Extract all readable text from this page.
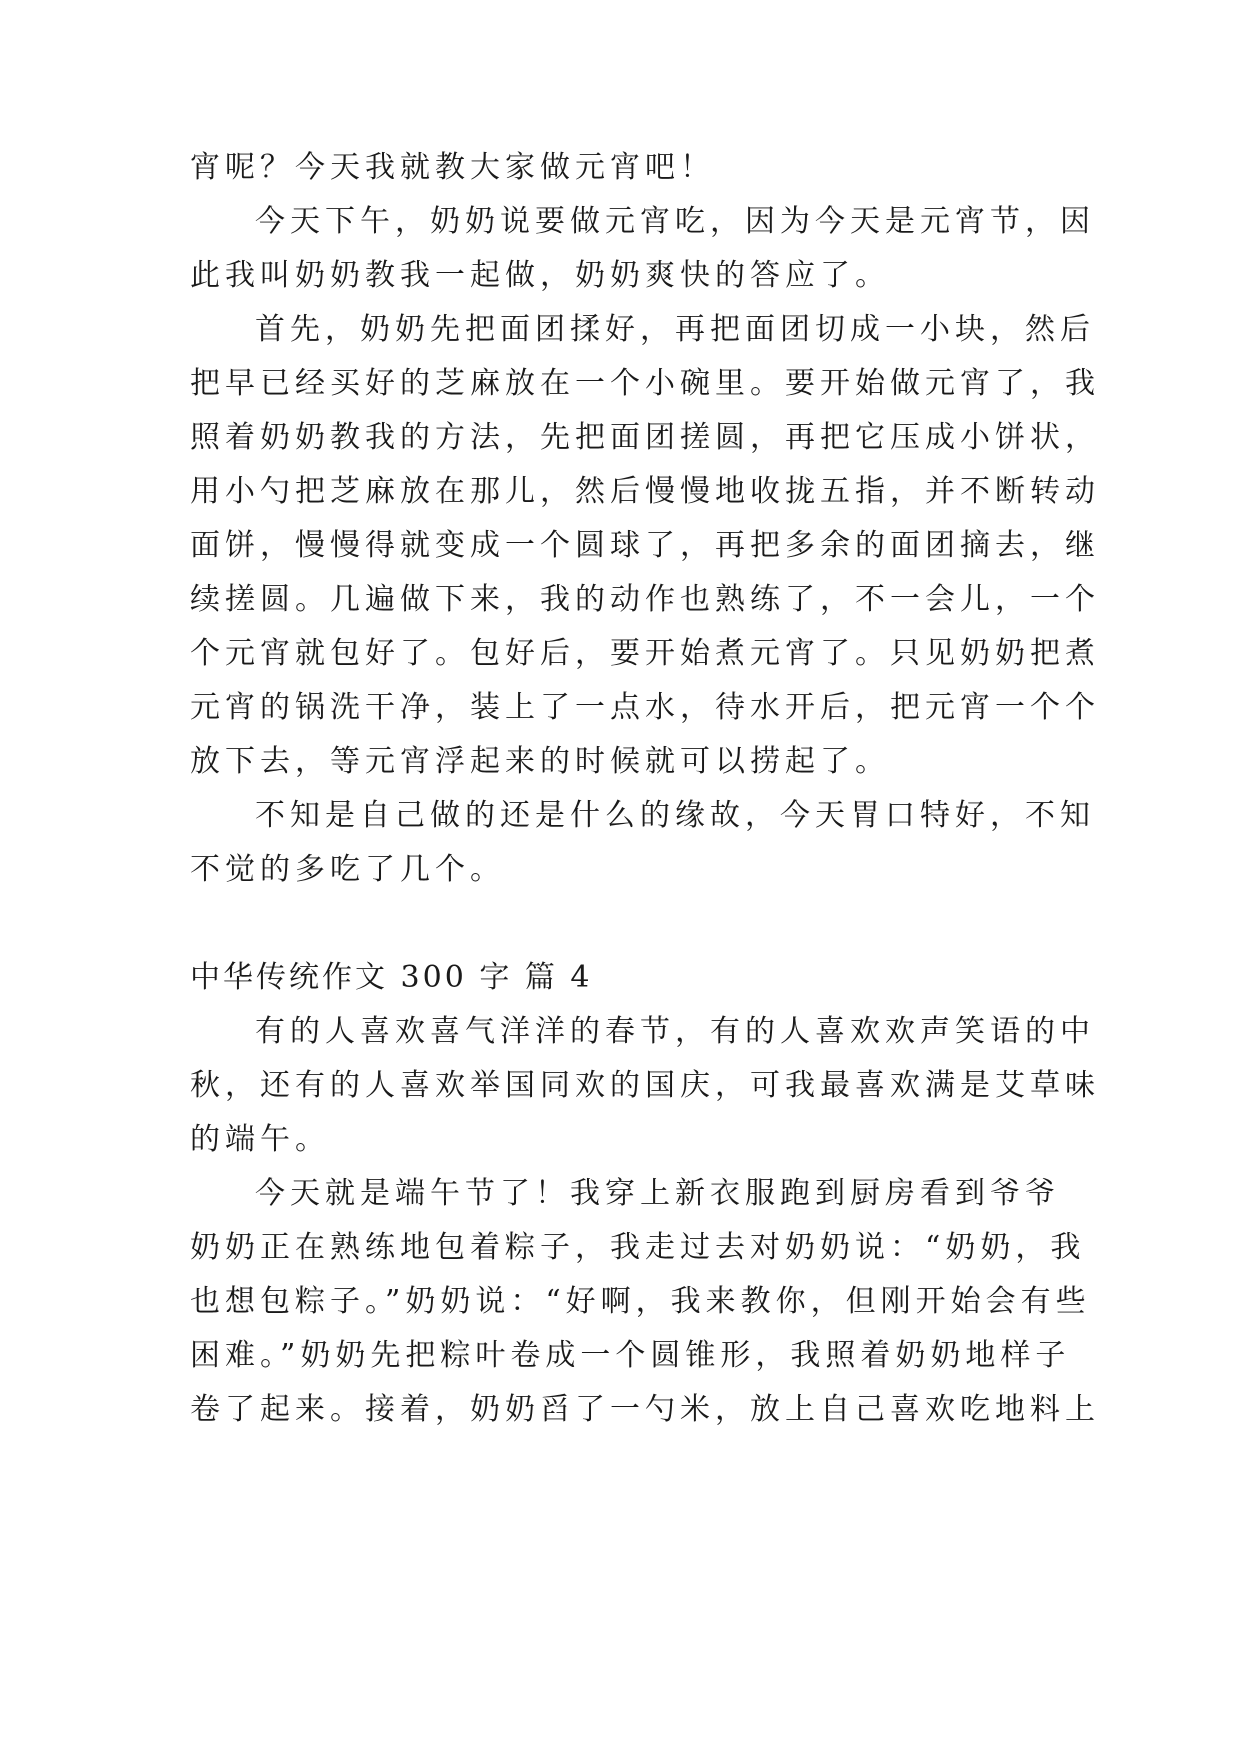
宵呢？今天我就教大家做元宵吧！
今天下午，奶奶说要做元宵吃，因为今天是元宵节，因
此我叫奶奶教我一起做，奶奶爽快的答应了。
首先，奶奶先把面团揉好，再把面团切成一小块，然后
把早已经买好的芝麻放在一个小碗里。要开始做元宵了，我
照着奶奶教我的方法，先把面团搓圆，再把它压成小饼状，
用小勺把芝麻放在那儿，然后慢慢地收拢五指，并不断转动
面饼，慢慢得就变成一个圆球了，再把多余的面团摘去，继
续搓圆。几遍做下来，我的动作也熟练了，不一会儿，一个
个元宵就包好了。包好后，要开始煮元宵了。只见奶奶把煮
元宵的锅洗干净，装上了一点水，待水开后，把元宵一个个
放下去，等元宵浮起来的时候就可以捞起了。
不知是自己做的还是什么的缘故，今天胃口特好，不知
不觉的多吃了几个。
中华传统作文 300 字 篇 4
有的人喜欢喜气洋洋的春节，有的人喜欢欢声笑语的中
秋，还有的人喜欢举国同欢的国庆，可我最喜欢满是艾草味
的端午。
今天就是端午节了！我穿上新衣服跑到厨房看到爷爷
奶奶正在熟练地包着粽子，我走过去对奶奶说：“奶奶，我
也想包粽子。”奶奶说：“好啊，我来教你，但刚开始会有些
困难。”奶奶先把粽叶卷成一个圆锥形，我照着奶奶地样子
卷了起来。接着，奶奶舀了一勺米，放上自己喜欢吃地料上
